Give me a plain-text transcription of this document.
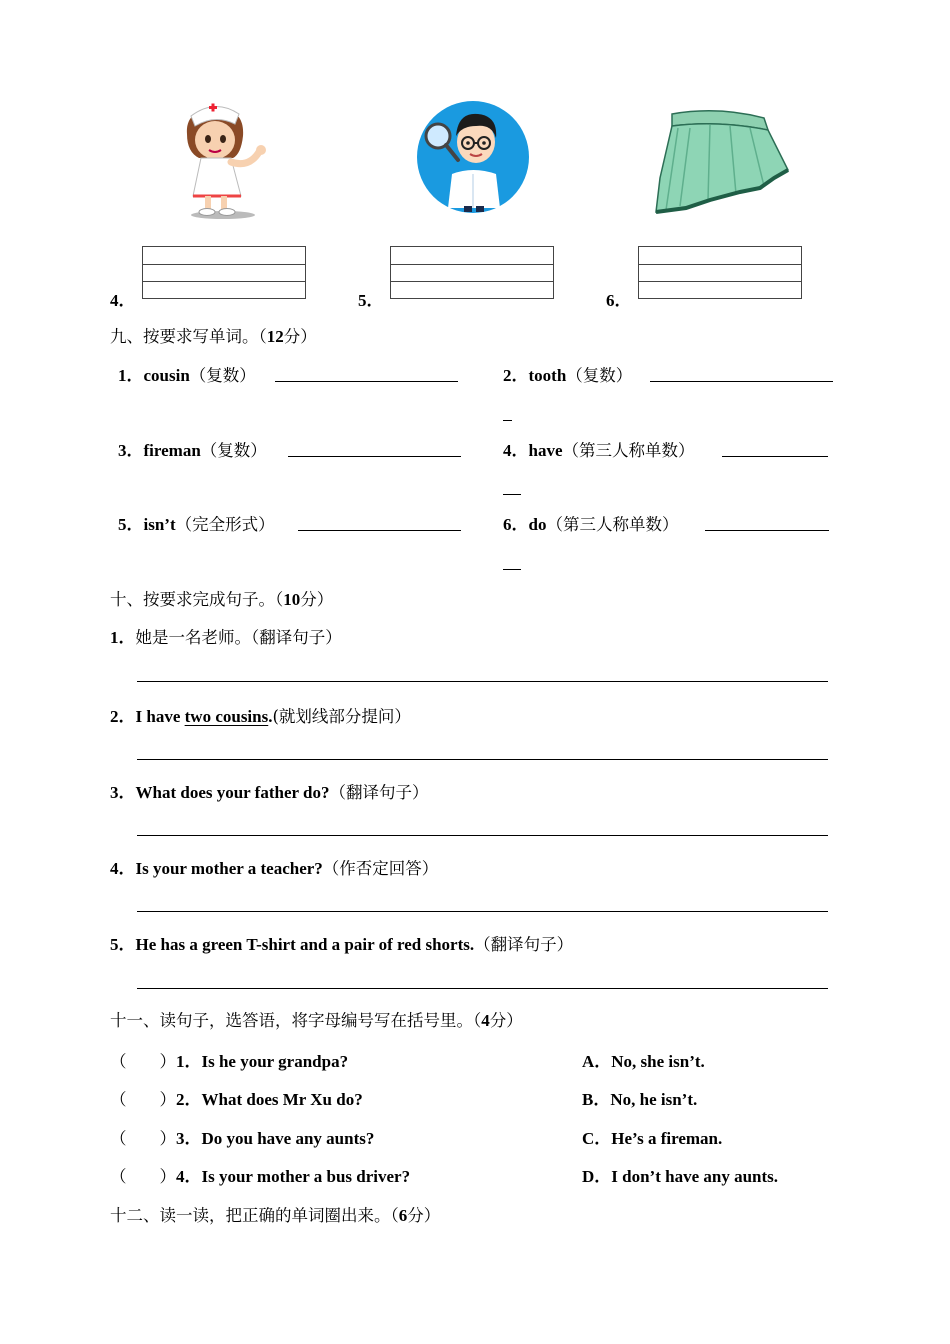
4．	5．	6．
九、按要求写单词。（12分）
1．cousin（复数）	2．tooth（复数）
3．fireman（复数）	4．have（第三人称单数）
5．isn’t（完全形式）	6．do（第三人称单数）
十、按要求完成句子。（10分）
1．她是一名老师。（翻译句子）
2．I have two cousins.(就划线部分提问）
3．What does your father do?（翻译句子）
4．Is your mother a teacher?（作否定回答）
5．He has a green T-shirt and a pair of red shorts.（翻译句子）
十一、读句子，选答语，将字母编号写在括号里。（4分）
（　　）1．Is he your grandpa?	A．No, she isn’t.
（　　）2．What does Mr Xu do?	B．No, he isn’t.
（　　）3．Do you have any aunts?	C．He’s a fireman.
（　　）4．Is your mother a bus driver?	D．I don’t have any aunts.
十二、读一读，把正确的单词圈出来。（6分）
